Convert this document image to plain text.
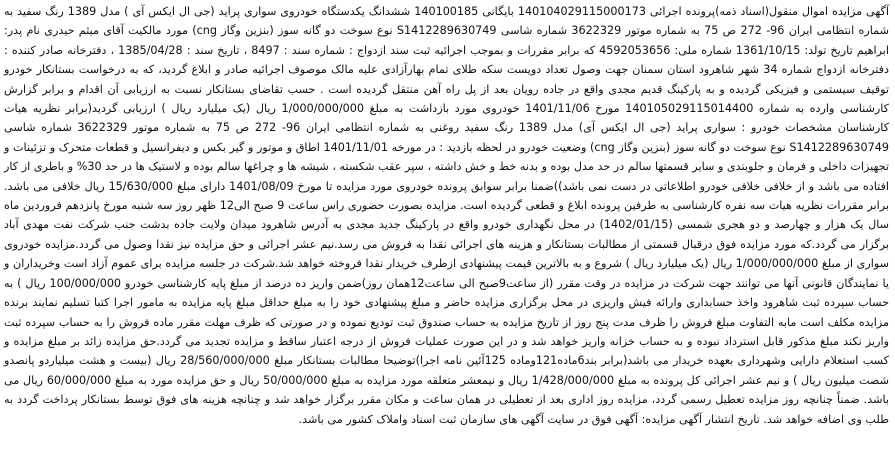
آگهی مزایده اموال منقول(اسناد ذمه)پرونده اجرائی 140104029115000173 بایگانی 140100185 ششدانگ یکدستگاه خودروی سواری پراید (جی ال ایکس آی ) مدل 1389 رنگ سفید به شماره انتظامی ایران 96- 272 ص 75 به شماره موتور 3622329 شماره شاسی S1412289630749 نوع سوخت دو گانه سوز (بنزین وگاز cng) مورد مالکیت آقای میثم حیدری نام پدر: ابراهیم تاریخ تولد: 1361/10/15 شماره ملی: 4592053656 که برابر مقررات و بموجب اجرائیه ثبت سند ازدواج : شماره سند : 8497 ، تاریخ سند : 1385/04/28 ، دفترخانه صادر کننده : دفترخانه ازدواج شماره 34 شهر شاهرود استان سمنان جهت وصول تعداد دویست سکه طلای تمام بهارآزادی علیه مالک موصوف اجرائیه صادر و ابلاغ گردید، که به درخواست بستانکار خودرو توقیف سیستمی و فیزیکی گردیده و به پارکینگ قدیم مجدی واقع در جاده رویان بعد از پل راه آهن منتقل گردیده است . حسب تقاضای بستانکار نسبت به ارزیابی آن اقدام و برابر گزارش کارشناسی وارده به شماره 140105029115014400 مورخ 1401/11/06 خودروی مورد بازداشت به مبلغ 1/000/000/000 ریال (یک میلیارد ریال ) ارزیابی گردید(برابر نظریه هیات کارشناسان مشخصات خودرو : سواری پراید (جی ال ایکس آی) مدل 1389 رنگ سفید روغنی به شماره انتظامی ایران 96- 272 ص 75 به شماره موتور 3622329 شماره شاسی S1412289630749 نوع سوخت دو گانه سوز (بنزین وگاز cng) وضعیت خودرو در لحظه بازدید : در مورخه 1401/11/01 اطاق و موتور و گیر بکس و دیفرانسیل و قطعات متحرک و تزئینات و تجهیزات داخلی و فرمان و جلوبندی و سایر قسمتها سالم در حد مدل بوده و بدنه خط و خش داشته ، سپر عقب شکسته ، شیشه ها و چراغها سالم بوده و لاستیک ها در حد 30% و باطری از کار افتاده می باشد و از خلافی خلافی خودرو اطلاعاتی در دست نمی باشد))ضمنا برابر سوابق پرونده خودروی مورد مزایده تا مورخ 1401/08/09 دارای مبلغ 15/630/000 ریال خلافی می باشد. برابر مقررات نظریه هیات سه نفره کارشناسی به طرفین پرونده ابلاغ و قطعی گردیده است. مزایده بصورت حضوری راس ساعت 9 صبح الی12 ظهر روز سه شنبه مورخ پانزدهم فروردین ماه سال یک هزار و چهارصد و دو هجری شمسی (1402/01/15) در محل نگهداری خودرو واقع در پارکینگ جدید مجدی به آدرس شاهرود میدان ولایت جاده بدشت جنب شرکت نفت مهدی آباد برگزار می گردد.که مورد مزایده فوق درقبال قسمتی از مطالبات بستانکار و هزینه های اجرائی نقدا به فروش می رسد.نیم عشر اجرائی و حق مزایده نیز نقدا وصول می گردد.مزایده خودروی سواری از مبلغ 1/000/000/000 ریال (یک میلیارد ریال ) شروع و به بالاترین قیمت پیشنهادی ازطرف خریدار نقدا فروخته خواهد شد.شرکت در جلسه مزایده برای عموم آزاد است وخریداران و یا نمایندگان قانونی آنها می توانند جهت شرکت در مزایده در وقت مقرر (از ساعت9صبح الی ساعت12همان روز)ضمن واریز ده درصد از مبلغ پایه کارشناسی خودرو 100/000/000 ریال ) به حساب سپرده ثبت شاهرود واخذ حسابداری وارائه فیش واریزی در محل برگزاری مزایده حاضر و مبلغ پیشنهادی خود را به مبلغ حداقل مبلغ پایه مزایده به مامور اجرا کتبا تسلیم نمایند برنده مزایده مکلف است مابه التفاوت مبلغ فروش را ظرف مدت پنج روز از تاریخ مزایده به حساب صندوق ثبت تودیع نموده و در صورتی که ظرف مهلت مقرر ماده فروش را به حساب سپرده ثبت واریز نکند مبلغ مذکور قابل استرداد نبوده و به حساب خزانه واریز خواهد شد و در این صورت عملیات فروش از درجه اعتبار ساقط و مزایده تجدید می گردد.حق مزایده زائد بر مبلغ مزایده و کسب استعلام دارایی وشهرداری بعهده خریدار می باشد(برابر بند6ماده121وماده 125آئین نامه اجرا)توضیحا مطالبات بستانکار مبلغ 28/560/000/000 ریال (بیست و هشت میلیاردو پانصدو شصت میلیون ریال ) و نیم عشر اجرائی کل پرونده به مبلغ 1/428/000/000 ریال و نیمعشر متعلقه مورد مزایده به مبلغ 50/000/000 ریال و حق مزایده مورد به مبلغ 60/000/000 ریال می باشد. ضمناً چنانچه روز مزایده تعطیل رسمی گردد، مزایده روز اداری بعد از تعطیلی در همان ساعت و مکان مقرر برگزار خواهد شد و چنانچه هزینه های فوق توسط بستانکار پرداخت گردد به طلب وی اضافه خواهد شد. تاریخ انتشار آگهی مزایده: آگهی فوق در سایت آگهی های سازمان ثبت اسناد واملاک کشور می باشد.
